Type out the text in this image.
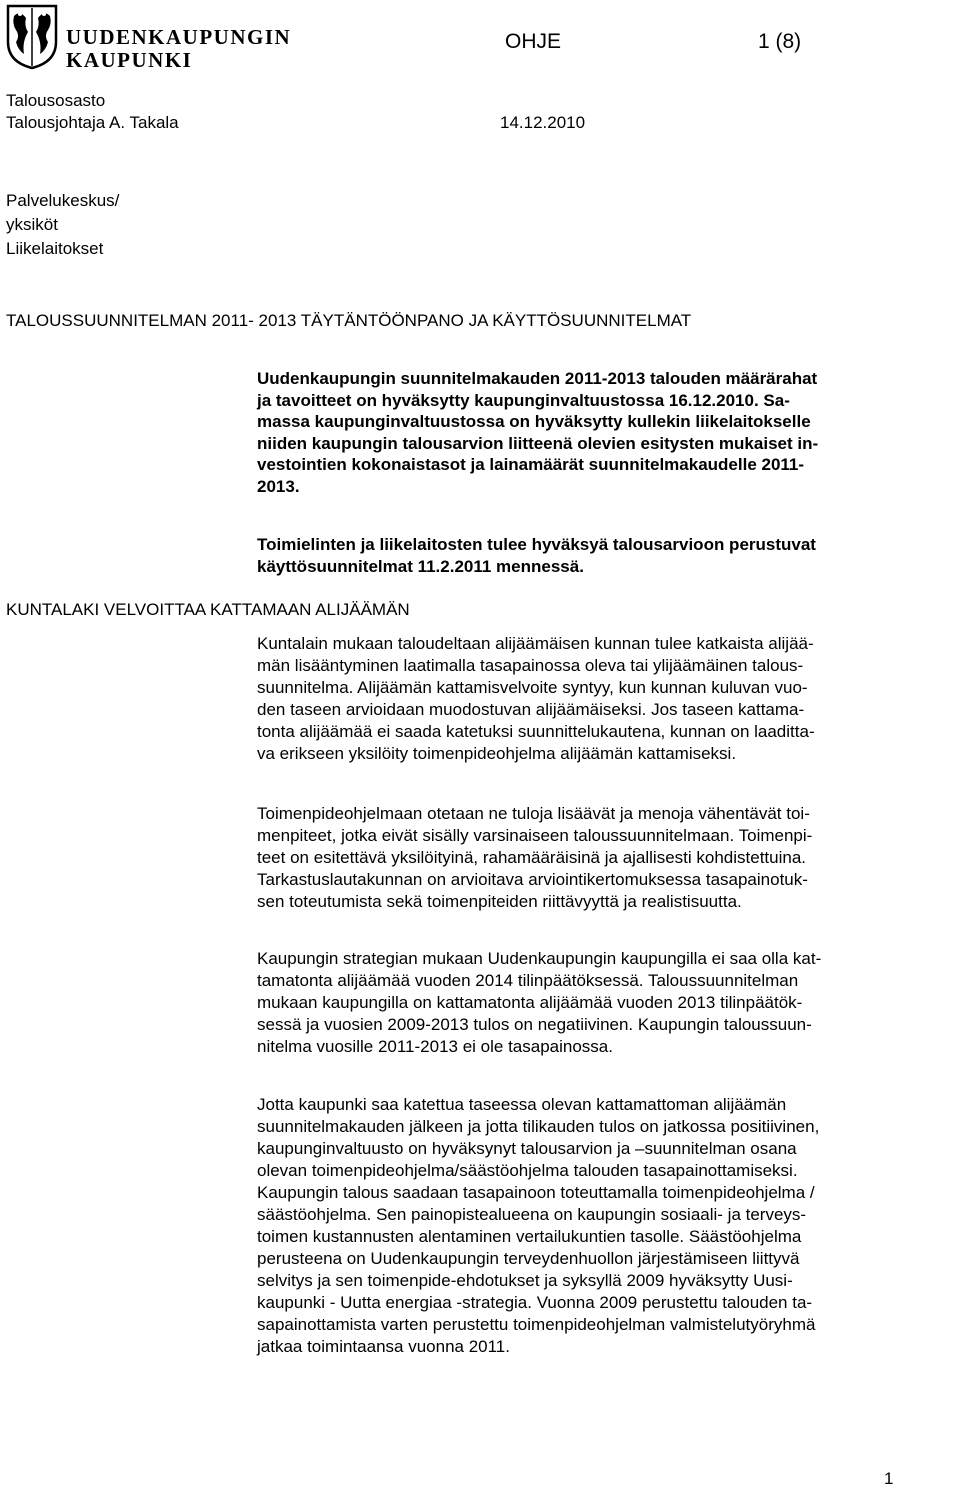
UUDENKAUPUNGIN
KAUPUNKI
OHJE	1 (8)
Talousosasto
Talousjohtaja A. Takala	14.12.2010
Palvelukeskus/
yksiköt
Liikelaitokset
TALOUSSUUNNITELMAN 2011- 2013 TÄYTÄNTÖÖNPANO JA KÄYTTÖSUUNNITELMAT
Uudenkaupungin suunnitelmakauden 2011-2013 talouden määrärahat
ja tavoitteet on hyväksytty kaupunginvaltuustossa 16.12.2010. Sa-
massa kaupunginvaltuustossa on hyväksytty kullekin liikelaitokselle
niiden kaupungin talousarvion liitteenä olevien esitysten mukaiset in-
vestointien kokonaistasot ja lainamäärät suunnitelmakaudelle 2011-
2013.
Toimielinten ja liikelaitosten tulee hyväksyä talousarvioon perustuvat
käyttösuunnitelmat 11.2.2011 mennessä.
KUNTALAKI VELVOITTAA KATTAMAAN ALIJÄÄMÄN
Kuntalain mukaan taloudeltaan alijäämäisen kunnan tulee katkaista alijää-
män lisääntyminen laatimalla tasapainossa oleva tai ylijäämäinen talous-
suunnitelma. Alijäämän kattamisvelvoite syntyy, kun kunnan kuluvan vuo-
den taseen arvioidaan muodostuvan alijäämäiseksi. Jos taseen kattama-
tonta alijäämää ei saada katetuksi suunnittelukautena, kunnan on laaditta-
va erikseen yksilöity toimenpideohjelma alijäämän kattamiseksi.
Toimenpideohjelmaan otetaan ne tuloja lisäävät ja menoja vähentävät toi-
menpiteet, jotka eivät sisälly varsinaiseen taloussuunnitelmaan. Toimenpi-
teet on esitettävä yksilöityinä, rahamääräisinä ja ajallisesti kohdistettuina.
Tarkastuslautakunnan on arvioitava arviointikertomuksessa tasapainotuk-
sen toteutumista sekä toimenpiteiden riittävyyttä ja realistisuutta.
Kaupungin strategian mukaan Uudenkaupungin kaupungilla ei saa olla kat-
tamatonta alijäämää vuoden 2014 tilinpäätöksessä. Taloussuunnitelman
mukaan kaupungilla on kattamatonta alijäämää vuoden 2013 tilinpäätök-
sessä ja vuosien 2009-2013 tulos on negatiivinen. Kaupungin taloussuun-
nitelma vuosille 2011-2013 ei ole tasapainossa.
Jotta kaupunki saa katettua taseessa olevan kattamattoman alijäämän
suunnitelmakauden jälkeen ja jotta tilikauden tulos on jatkossa positiivinen,
kaupunginvaltuusto on hyväksynyt talousarvion ja –suunnitelman osana
olevan toimenpideohjelma/säästöohjelma talouden tasapainottamiseksi.
Kaupungin talous saadaan tasapainoon toteuttamalla toimenpideohjelma /
säästöohjelma. Sen painopistealueena on kaupungin sosiaali- ja terveys-
toimen kustannusten alentaminen vertailukuntien tasolle. Säästöohjelma
perusteena on Uudenkaupungin terveydenhuollon järjestämiseen liittyvä
selvitys ja sen toimenpide-ehdotukset ja syksyllä 2009 hyväksytty Uusi-
kaupunki - Uutta energiaa -strategia. Vuonna 2009 perustettu talouden ta-
sapainottamista varten perustettu toimenpideohjelman valmistelutyöryhmä
jatkaa toimintaansa vuonna 2011.
1
